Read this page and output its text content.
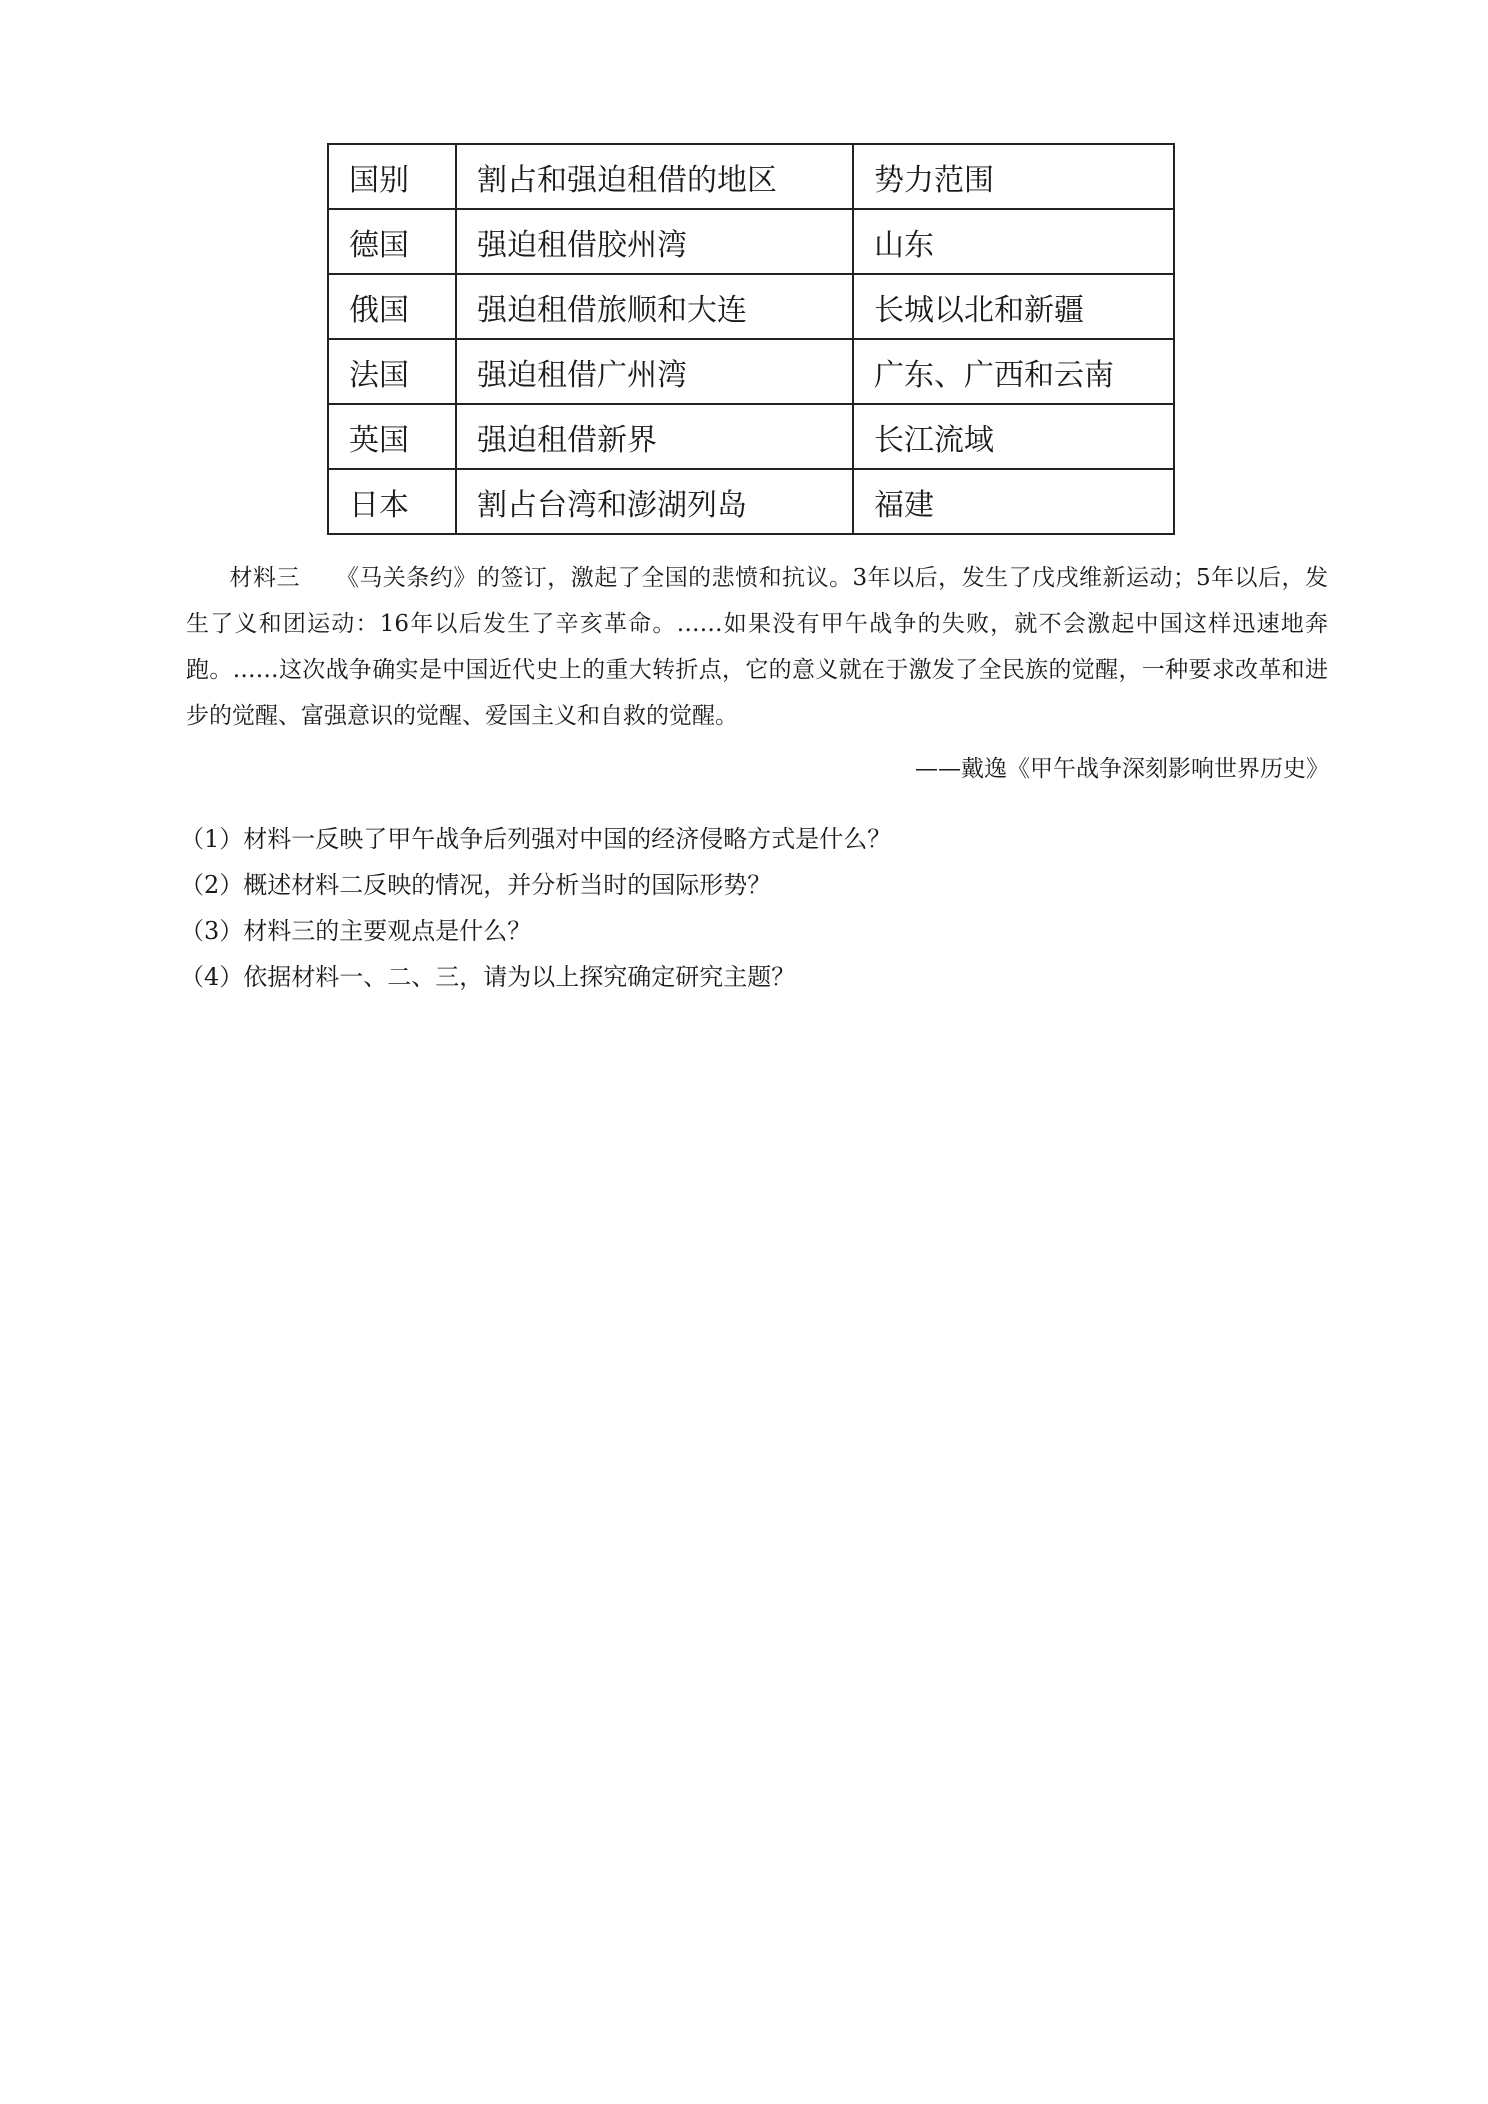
国别	割占和强迫租借的地区	势力范围
德国	强迫租借胶州湾	山东
俄国	强迫租借旅顺和大连	长城以北和新疆
法国	强迫租借广州湾	广东、广西和云南
英国	强迫租借新界	长江流域
日本	割占台湾和澎湖列岛	福建
材料三 《马关条约》的签订，激起了全国的悲愤和抗议。3年以后，发生了戊戌维新运动；5年以后，发生了义和团运动：16年以后发生了辛亥革命。……如果没有甲午战争的失败，就不会激起中国这样迅速地奔跑。……这次战争确实是中国近代史上的重大转折点，它的意义就在于激发了全民族的觉醒，一种要求改革和进步的觉醒、富强意识的觉醒、爱国主义和自救的觉醒。
——戴逸《甲午战争深刻影响世界历史》
（1）材料一反映了甲午战争后列强对中国的经济侵略方式是什么？
（2）概述材料二反映的情况，并分析当时的国际形势？
（3）材料三的主要观点是什么？
（4）依据材料一、二、三，请为以上探究确定研究主题？
